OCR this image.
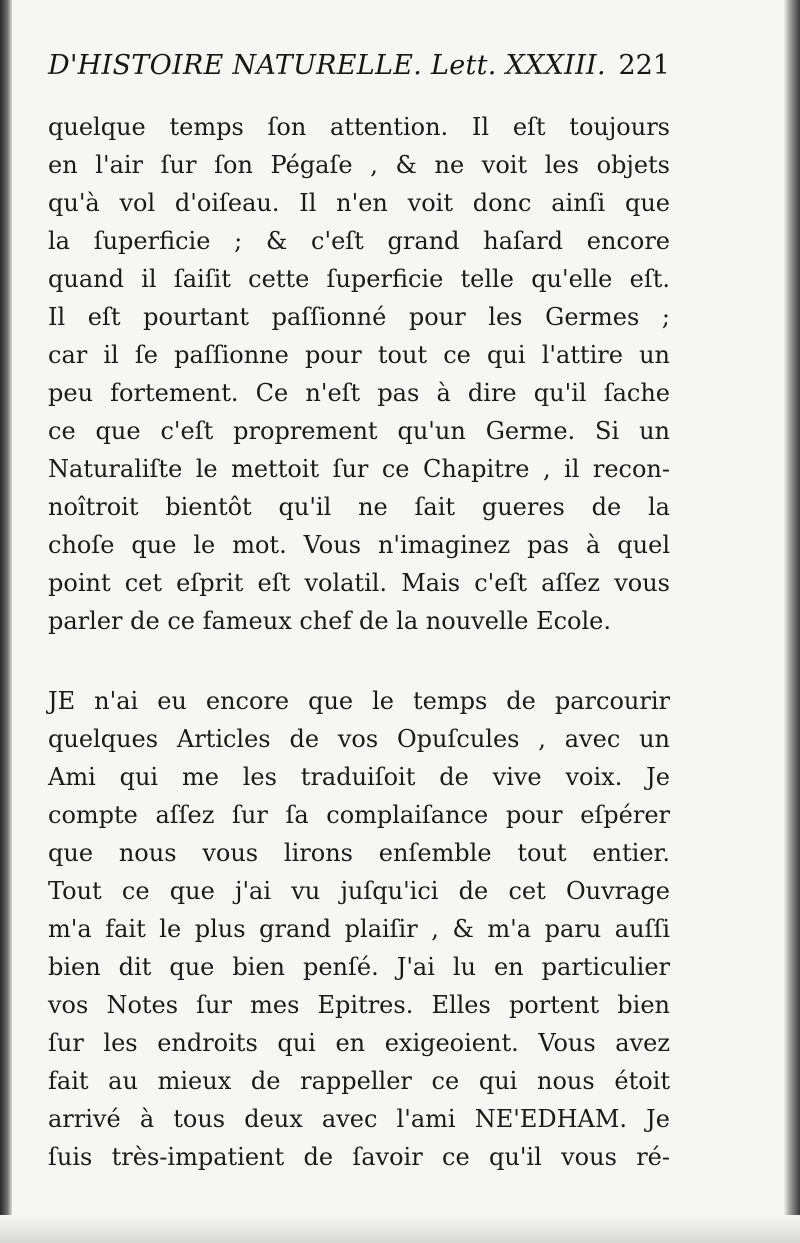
D'HISTOIRE NATURELLE. Lett. XXXIII. 221
quelque temps ſon attention. Il eſt toujours
en l'air ſur ſon Pégaſe , & ne voit les objets
qu'à vol d'oiſeau. Il n'en voit donc ainſi que
la ſuperficie ; & c'eſt grand haſard encore
quand il ſaiſit cette ſuperficie telle qu'elle eſt.
Il eſt pourtant paſſionné pour les Germes ;
car il ſe paſſionne pour tout ce qui l'attire un
peu fortement. Ce n'eſt pas à dire qu'il ſache
ce que c'eſt proprement qu'un Germe. Si un
Naturaliſte le mettoit ſur ce Chapitre , il recon-
noîtroit bientôt qu'il ne ſait gueres de la
choſe que le mot. Vous n'imaginez pas à quel
point cet eſprit eſt volatil. Mais c'eſt aſſez vous
parler de ce fameux chef de la nouvelle Ecole.
JE n'ai eu encore que le temps de parcourir
quelques Articles de vos Opuſcules , avec un
Ami qui me les traduiſoit de vive voix. Je
compte aſſez ſur ſa complaiſance pour eſpérer
que nous vous lirons enſemble tout entier.
Tout ce que j'ai vu juſqu'ici de cet Ouvrage
m'a fait le plus grand plaiſir , & m'a paru auſſi
bien dit que bien penſé. J'ai lu en particulier
vos Notes ſur mes Epitres. Elles portent bien
ſur les endroits qui en exigeoient. Vous avez
fait au mieux de rappeller ce qui nous étoit
arrivé à tous deux avec l'ami NE'EDHAM. Je
ſuis très-impatient de ſavoir ce qu'il vous ré-
